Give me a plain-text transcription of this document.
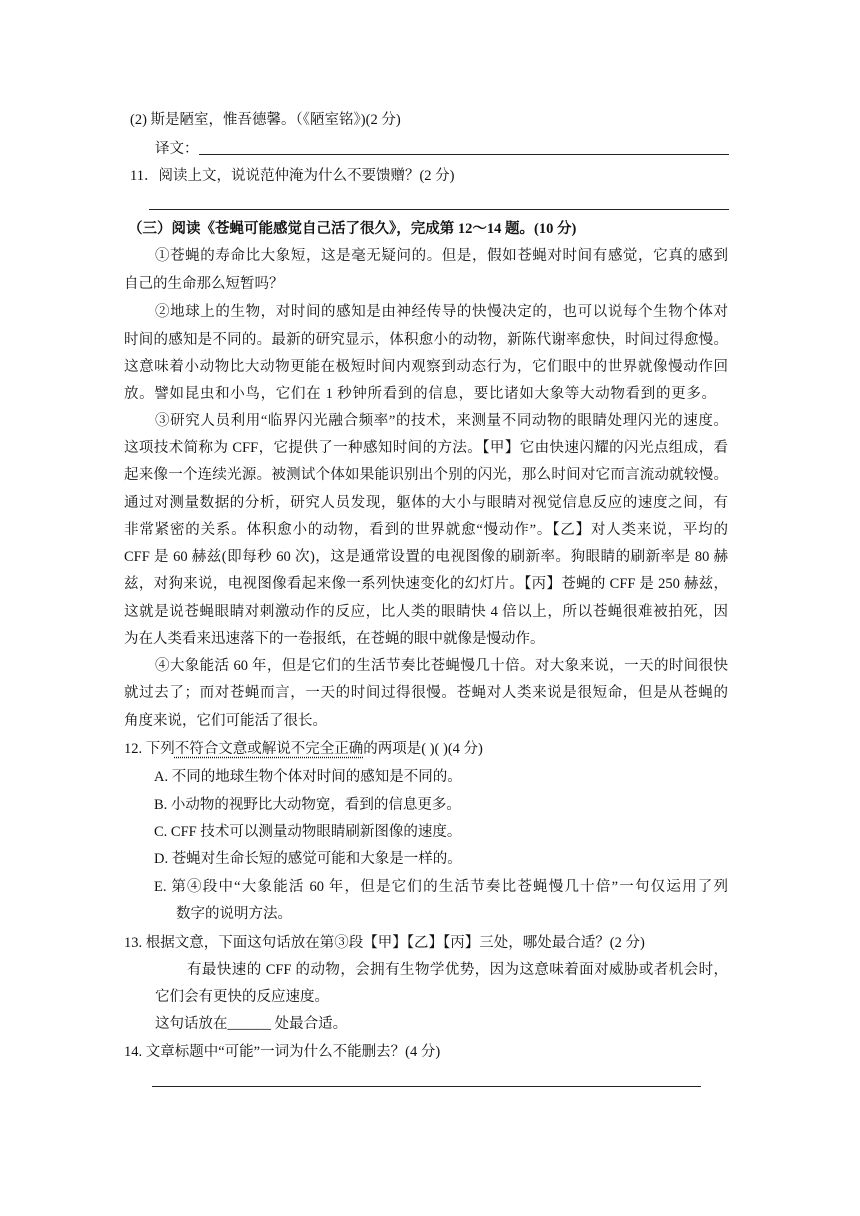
(2) 斯是陋室，惟吾德馨。（《陋室铭》)(2 分)
译文：
11．阅读上文，说说范仲淹为什么不要馈赠？(2 分)
（三）阅读《苍蝇可能感觉自己活了很久》，完成第 12～14 题。(10 分)
①苍蝇的寿命比大象短，这是毫无疑问的。但是，假如苍蝇对时间有感觉，它真的感到
自己的生命那么短暂吗？
②地球上的生物，对时间的感知是由神经传导的快慢决定的，也可以说每个生物个体对
时间的感知是不同的。最新的研究显示，体积愈小的动物，新陈代谢率愈快，时间过得愈慢。
这意味着小动物比大动物更能在极短时间内观察到动态行为，它们眼中的世界就像慢动作回
放。譬如昆虫和小鸟，它们在 1 秒钟所看到的信息，要比诸如大象等大动物看到的更多。
③研究人员利用“临界闪光融合频率”的技术，来测量不同动物的眼睛处理闪光的速度。
这项技术简称为 CFF，它提供了一种感知时间的方法。【甲】它由快速闪耀的闪光点组成，看
起来像一个连续光源。被测试个体如果能识别出个别的闪光，那么时间对它而言流动就较慢。
通过对测量数据的分析，研究人员发现，躯体的大小与眼睛对视觉信息反应的速度之间，有
非常紧密的关系。体积愈小的动物，看到的世界就愈“慢动作”。【乙】对人类来说，平均的
CFF 是 60 赫兹(即每秒 60 次)，这是通常设置的电视图像的刷新率。狗眼睛的刷新率是 80 赫
兹，对狗来说，电视图像看起来像一系列快速变化的幻灯片。【丙】苍蝇的 CFF 是 250 赫兹，
这就是说苍蝇眼睛对刺激动作的反应，比人类的眼睛快 4 倍以上，所以苍蝇很难被拍死，因
为在人类看来迅速落下的一卷报纸，在苍蝇的眼中就像是慢动作。
④大象能活 60 年，但是它们的生活节奏比苍蝇慢几十倍。对大象来说，一天的时间很快
就过去了；而对苍蝇而言，一天的时间过得很慢。苍蝇对人类来说是很短命，但是从苍蝇的
角度来说，它们可能活了很长。
12. 下列不符合文意或解说不完全正确的两项是( )( )(4 分)
A. 不同的地球生物个体对时间的感知是不同的。
B. 小动物的视野比大动物宽，看到的信息更多。
C. CFF 技术可以测量动物眼睛刷新图像的速度。
D. 苍蝇对生命长短的感觉可能和大象是一样的。
E. 第④段中“大象能活 60 年，但是它们的生活节奏比苍蝇慢几十倍”一句仅运用了列
数字的说明方法。
13. 根据文意，下面这句话放在第③段【甲】【乙】【丙】三处，哪处最合适？(2 分)
有最快速的 CFF 的动物，会拥有生物学优势，因为这意味着面对威胁或者机会时，
它们会有更快的反应速度。
这句话放在______ 处最合适。
14. 文章标题中“可能”一词为什么不能删去？(4 分)
